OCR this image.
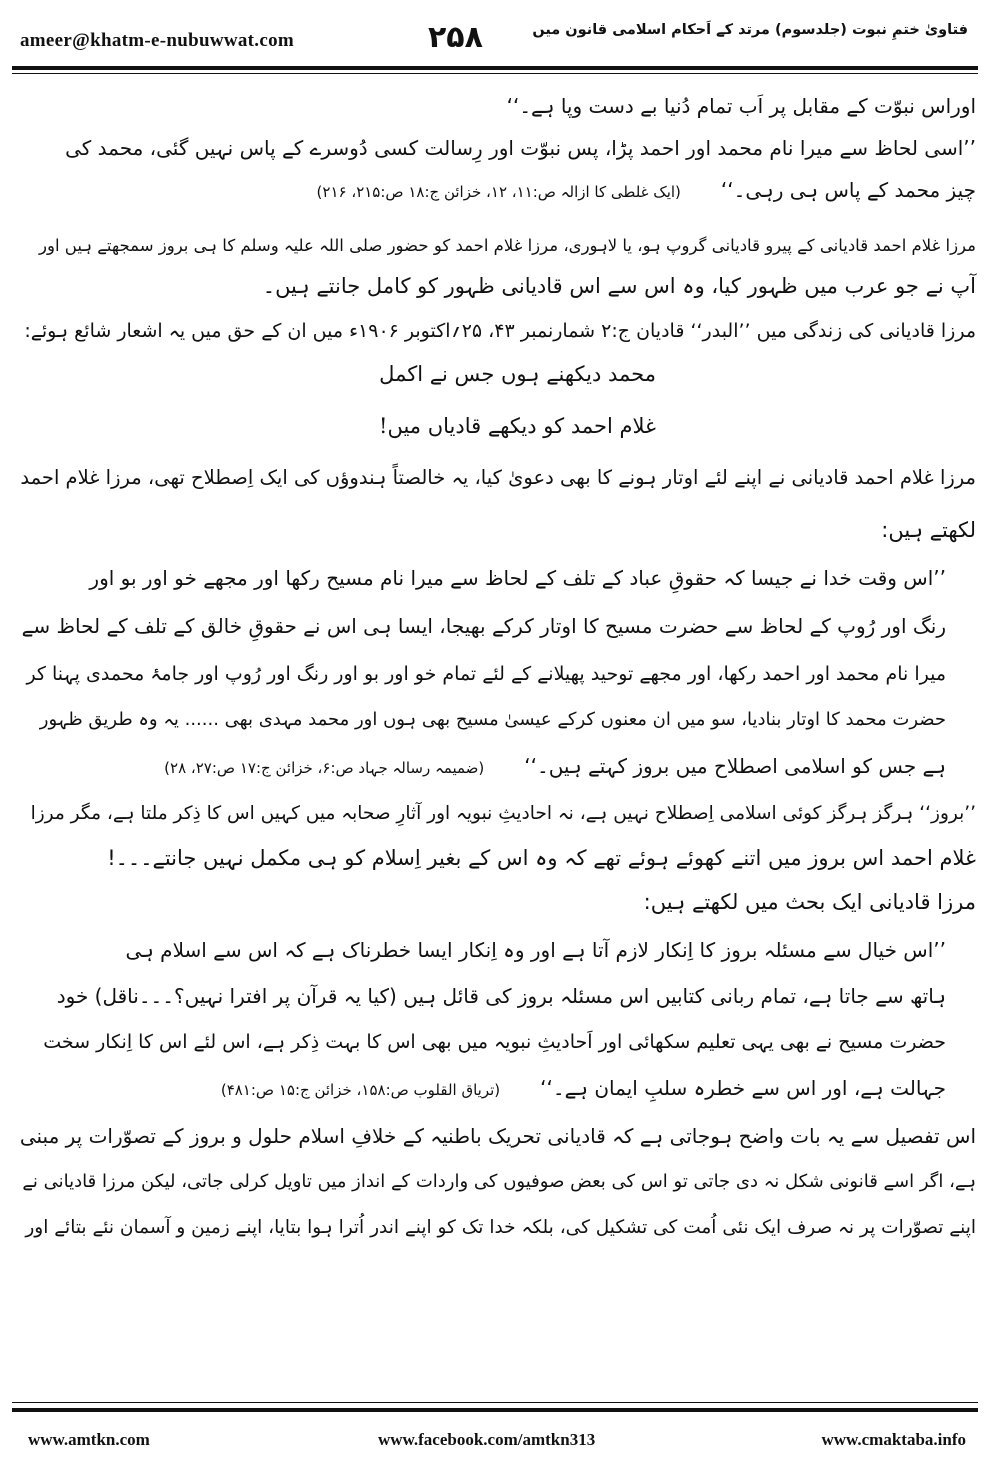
ameer@khatm-e-nubuwwat.com	۲۵۸	فتاویٰ ختمِ نبوت (جلدسوم) مرتد کے اَحکام اسلامی قانون میں
اوراس نبوّت کے مقابل پر اَب تمام دُنیا بے دست وپا ہے۔‘‘
’’اسی لحاظ سے میرا نام محمد اور احمد پڑا، پس نبوّت اور رِسالت کسی دُوسرے کے پاس نہیں گئی، محمد کی
چیز محمد کے پاس ہی رہی۔‘‘(ایک غلطی کا ازالہ ص:۱۱، ۱۲، خزائن ج:۱۸ ص:۲۱۵، ۲۱۶)
مرزا غلام احمد قادیانی کے پیرو قادیانی گروپ ہو، یا لاہوری، مرزا غلام احمد کو حضور صلی اللہ علیہ وسلم کا ہی بروز سمجھتے ہیں اور
آپ نے جو عرب میں ظہور کیا، وہ اس سے اس قادیانی ظہور کو کامل جانتے ہیں۔
مرزا قادیانی کی زندگی میں ’’البدر‘‘ قادیان ج:۲ شمارنمبر ۴۳، ۲۵؍اکتوبر ۱۹۰۶ء میں ان کے حق میں یہ اشعار شائع ہوئے:
محمد دیکھنے ہوں جس نے اکمل
غلام احمد کو دیکھے قادیاں میں!
مرزا غلام احمد قادیانی نے اپنے لئے اوتار ہونے کا بھی دعویٰ کیا، یہ خالصتاً ہندوؤں کی ایک اِصطلاح تھی، مرزا غلام احمد
لکھتے ہیں:
’’اس وقت خدا نے جیسا کہ حقوقِ عباد کے تلف کے لحاظ سے میرا نام مسیح رکھا اور مجھے خو اور بو اور
رنگ اور رُوپ کے لحاظ سے حضرت مسیح کا اوتار کرکے بھیجا، ایسا ہی اس نے حقوقِ خالق کے تلف کے لحاظ سے
میرا نام محمد اور احمد رکھا، اور مجھے توحید پھیلانے کے لئے تمام خو اور بو اور رنگ اور رُوپ اور جامۂ محمدی پہنا کر
حضرت محمد کا اوتار بنادیا، سو میں ان معنوں کرکے عیسیٰ مسیح بھی ہوں اور محمد مہدی بھی ...... یہ وہ طریق ظہور
ہے جس کو اسلامی اصطلاح میں بروز کہتے ہیں۔‘‘(ضمیمہ رسالہ جہاد ص:۶، خزائن ج:۱۷ ص:۲۷، ۲۸)
’’بروز‘‘ ہرگز ہرگز کوئی اسلامی اِصطلاح نہیں ہے، نہ احادیثِ نبویہ اور آثارِ صحابہ میں کہیں اس کا ذِکر ملتا ہے، مگر مرزا
غلام احمد اس بروز میں اتنے کھوئے ہوئے تھے کہ وہ اس کے بغیر اِسلام کو ہی مکمل نہیں جانتے۔۔۔!
مرزا قادیانی ایک بحث میں لکھتے ہیں:
’’اس خیال سے مسئلہ بروز کا اِنکار لازم آتا ہے اور وہ اِنکار ایسا خطرناک ہے کہ اس سے اسلام ہی
ہاتھ سے جاتا ہے، تمام ربانی کتابیں اس مسئلہ بروز کی قائل ہیں (کیا یہ قرآن پر افترا نہیں؟۔۔۔ناقل) خود
حضرت مسیح نے بھی یہی تعلیم سکھائی اور اَحادیثِ نبویہ میں بھی اس کا بہت ذِکر ہے، اس لئے اس کا اِنکار سخت
جہالت ہے، اور اس سے خطرہ سلبِ ایمان ہے۔‘‘(تریاق القلوب ص:۱۵۸، خزائن ج:۱۵ ص:۴۸۱)
اس تفصیل سے یہ بات واضح ہوجاتی ہے کہ قادیانی تحریک باطنیہ کے خلافِ اسلام حلول و بروز کے تصوّرات پر مبنی
ہے، اگر اسے قانونی شکل نہ دی جاتی تو اس کی بعض صوفیوں کی واردات کے انداز میں تاویل کرلی جاتی، لیکن مرزا قادیانی نے
اپنے تصوّرات پر نہ صرف ایک نئی اُمت کی تشکیل کی، بلکہ خدا تک کو اپنے اندر اُترا ہوا بتایا، اپنے زمین و آسمان نئے بتائے اور
www.amtkn.com	www.facebook.com/amtkn313	www.cmaktaba.info
